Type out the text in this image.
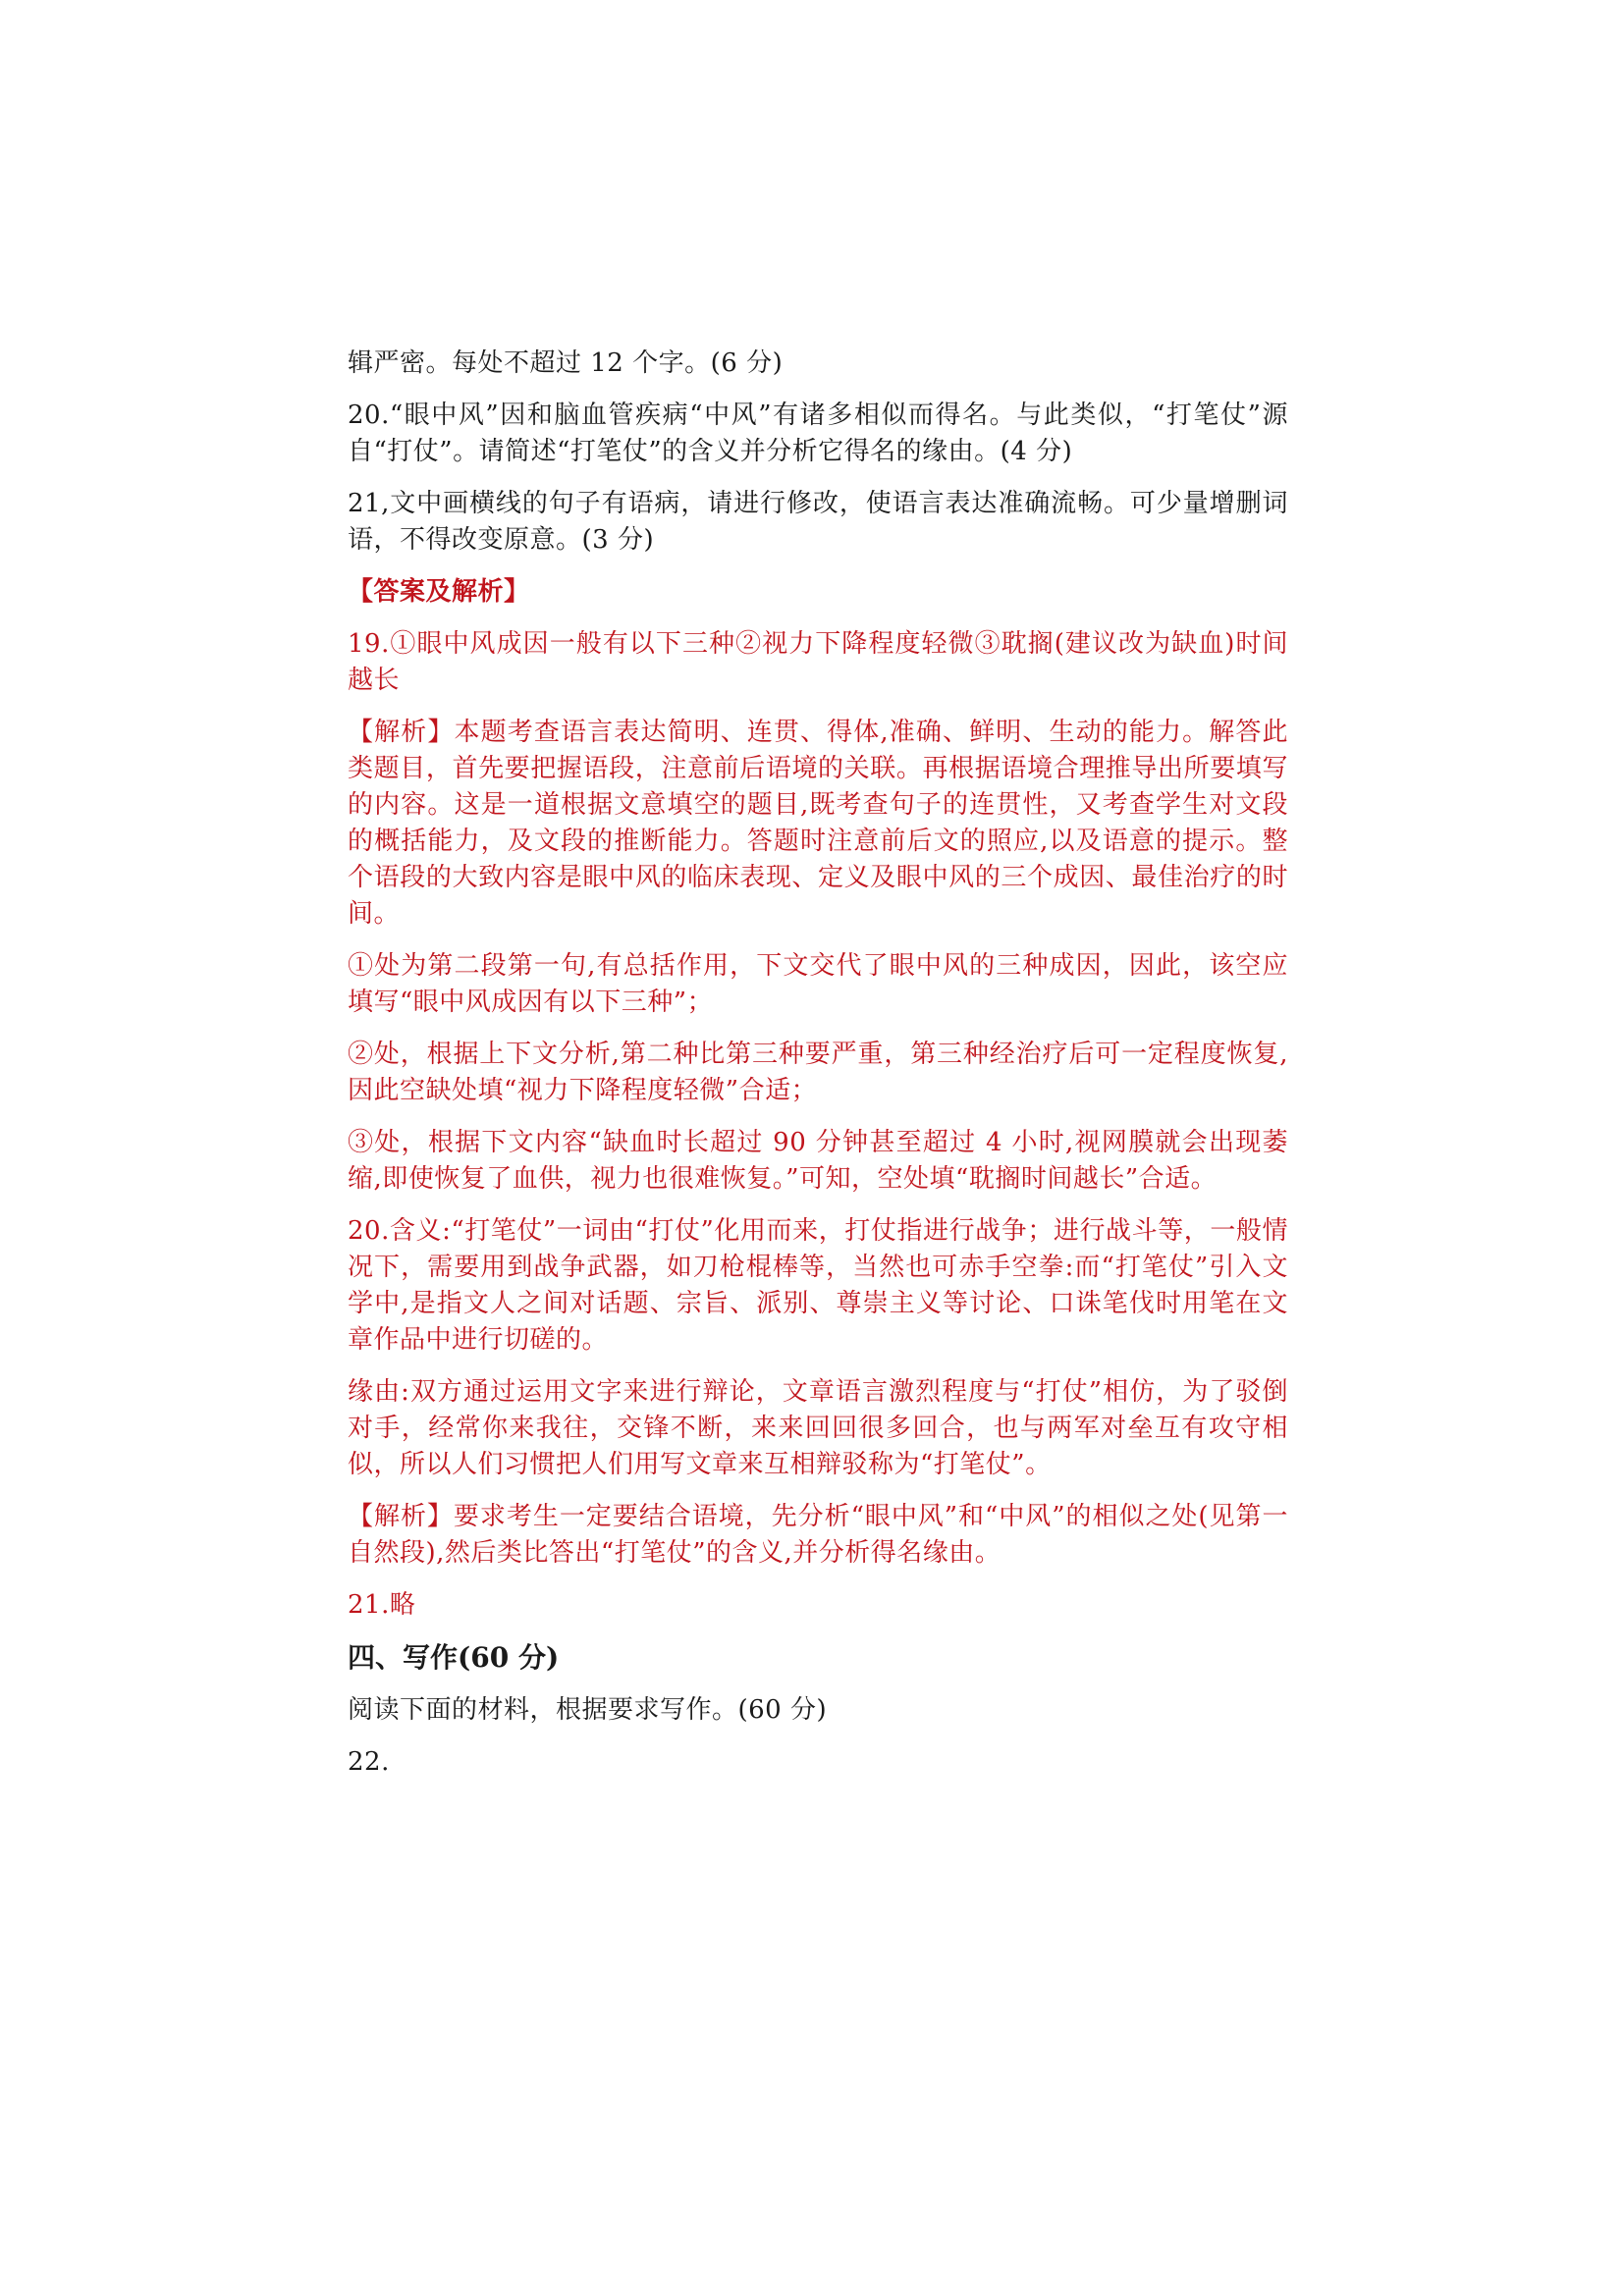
辑严密。每处不超过 12 个字。(6 分)

20.“眼中风”因和脑血管疾病“中风”有诸多相似而得名。与此类似，“打笔仗”源自“打仗”。请简述“打笔仗”的含义并分析它得名的缘由。(4 分)

21,文中画横线的句子有语病，请进行修改，使语言表达准确流畅。可少量增删词语，不得改变原意。(3 分)

【答案及解析】

19.①眼中风成因一般有以下三种②视力下降程度轻微③耽搁(建议改为缺血)时间越长

【解析】本题考查语言表达简明、连贯、得体,准确、鲜明、生动的能力。解答此类题目，首先要把握语段，注意前后语境的关联。再根据语境合理推导出所要填写的内容。这是一道根据文意填空的题目,既考查句子的连贯性，又考查学生对文段的概括能力，及文段的推断能力。答题时注意前后文的照应,以及语意的提示。整个语段的大致内容是眼中风的临床表现、定义及眼中风的三个成因、最佳治疗的时间。

①处为第二段第一句,有总括作用，下文交代了眼中风的三种成因，因此，该空应填写“眼中风成因有以下三种”；

②处，根据上下文分析,第二种比第三种要严重，第三种经治疗后可一定程度恢复,因此空缺处填“视力下降程度轻微”合适；

③处，根据下文内容“缺血时长超过 90 分钟甚至超过 4 小时,视网膜就会出现萎缩,即使恢复了血供，视力也很难恢复。”可知，空处填“耽搁时间越长”合适。

20.含义:“打笔仗”一词由“打仗”化用而来，打仗指进行战争；进行战斗等，一般情况下，需要用到战争武器，如刀枪棍棒等，当然也可赤手空拳:而“打笔仗”引入文学中,是指文人之间对话题、宗旨、派别、尊崇主义等讨论、口诛笔伐时用笔在文章作品中进行切磋的。

缘由:双方通过运用文字来进行辩论，文章语言激烈程度与“打仗”相仿，为了驳倒对手，经常你来我往，交锋不断，来来回回很多回合，也与两军对垒互有攻守相似，所以人们习惯把人们用写文章来互相辩驳称为“打笔仗”。

【解析】要求考生一定要结合语境，先分析“眼中风”和“中风”的相似之处(见第一自然段),然后类比答出“打笔仗”的含义,并分析得名缘由。

21.略

四、写作(60 分)

阅读下面的材料，根据要求写作。(60 分)

22.
